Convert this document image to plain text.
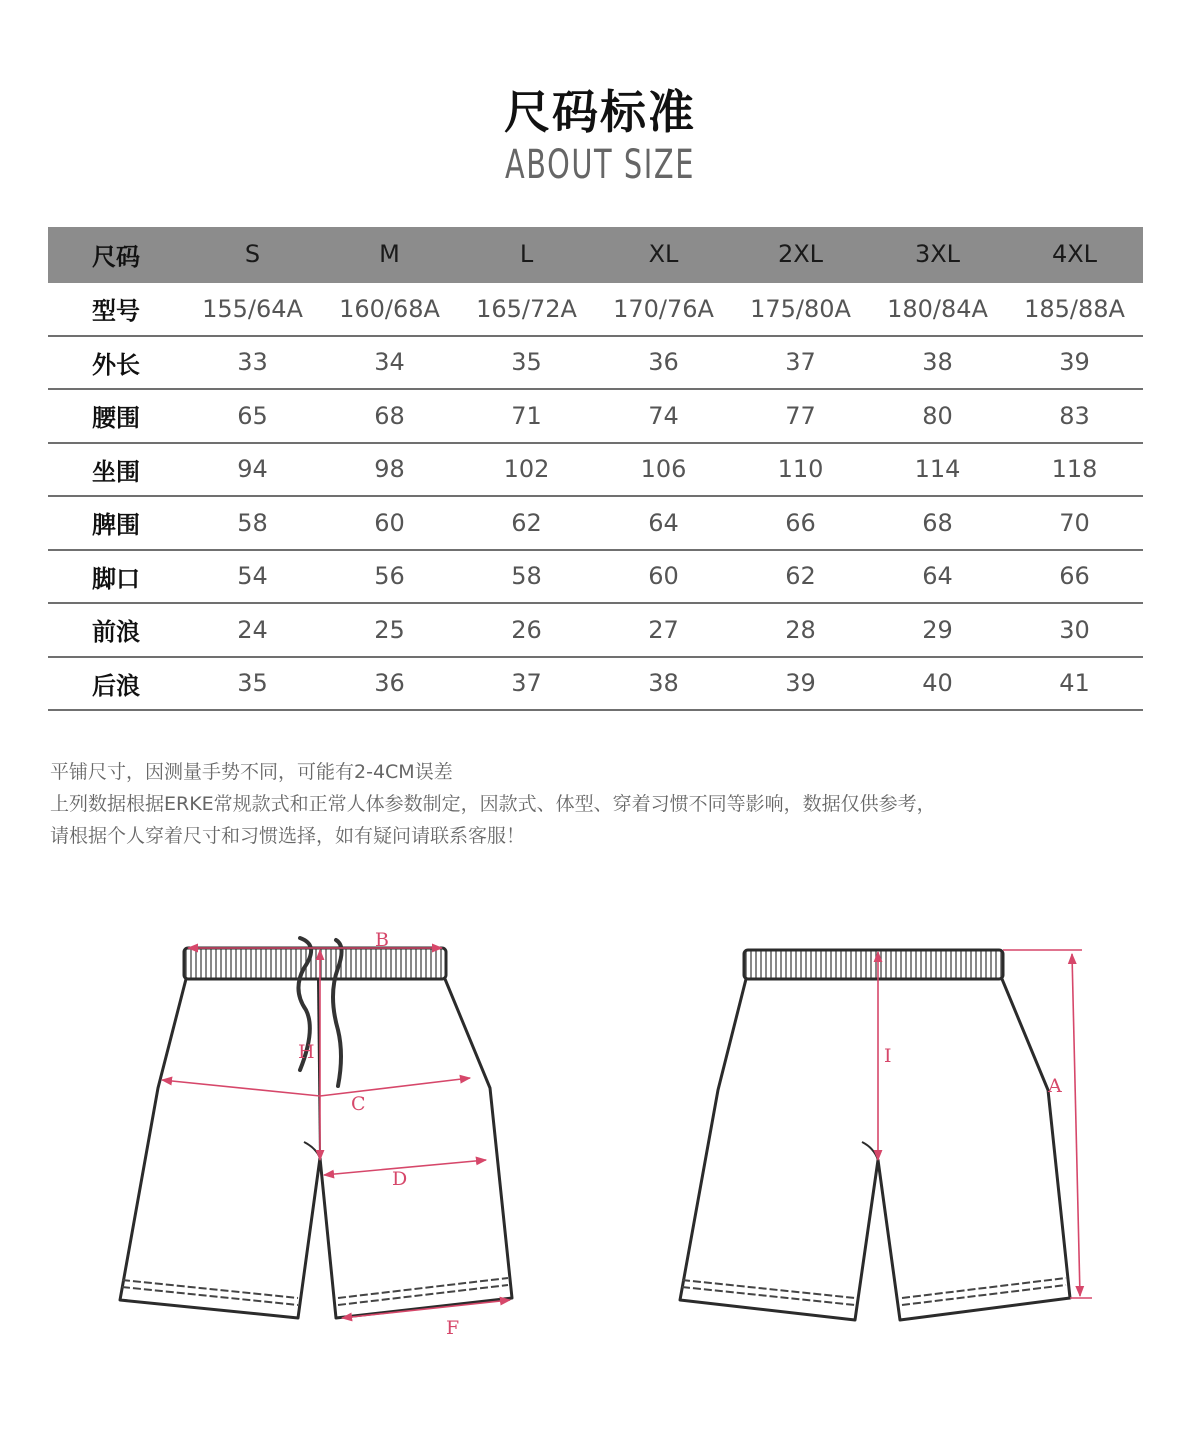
尺码标准
ABOUT SIZE
尺码	S	M	L	XL	2XL	3XL	4XL
型号	155/64A	160/68A	165/72A	170/76A	175/80A	180/84A	185/88A
外长	33	34	35	36	37	38	39
腰围	65	68	71	74	77	80	83
坐围	94	98	102	106	110	114	118
脾围	58	60	62	64	66	68	70
脚口	54	56	58	60	62	64	66
前浪	24	25	26	27	28	29	30
后浪	35	36	37	38	39	40	41
平铺尺寸，因测量手势不同，可能有2-4CM误差
上列数据根据ERKE常规款式和正常人体参数制定，因款式、体型、穿着习惯不同等影响，数据仅供参考，
请根据个人穿着尺寸和习惯选择，如有疑问请联系客服！
B
H
C
D
F
I
A
